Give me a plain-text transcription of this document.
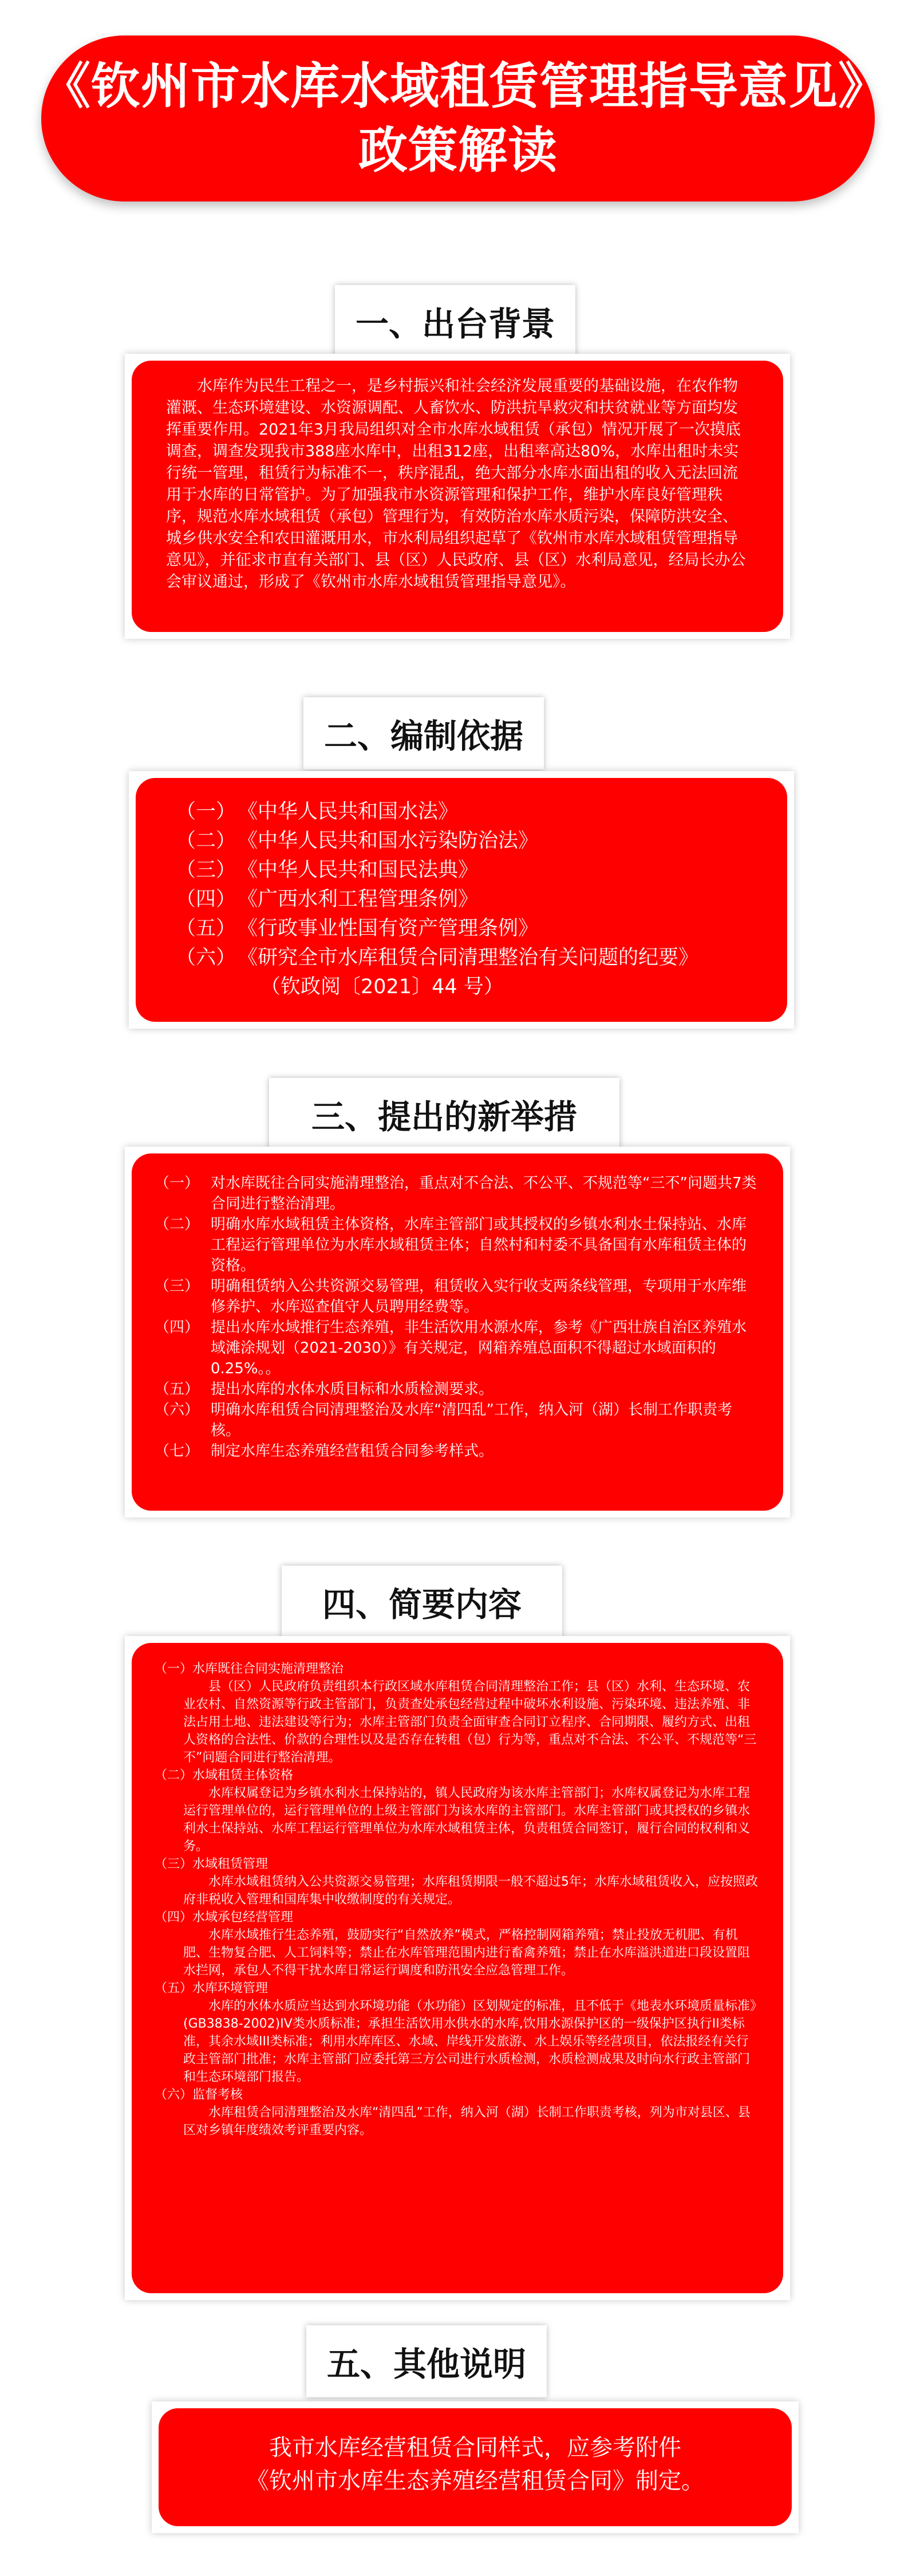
《钦州市水库水域租赁管理指导意见》
政策解读
一、出台背景

水库作为民生工程之一，是乡村振兴和社会经济发展重要的基础设施，在农作物灌溉、生态环境建设、水资源调配、人畜饮水、防洪抗旱救灾和扶贫就业等方面均发挥重要作用。2021年3月我局组织对全市水库水域租赁（承包）情况开展了一次摸底调查，调查发现我市388座水库中，出租312座，出租率高达80%，水库出租时未实行统一管理，租赁行为标准不一，秩序混乱，绝大部分水库水面出租的收入无法回流用于水库的日常管护。为了加强我市水资源管理和保护工作，维护水库良好管理秩序，规范水库水域租赁（承包）管理行为，有效防治水库水质污染，保障防洪安全、城乡供水安全和农田灌溉用水，市水利局组织起草了《钦州市水库水域租赁管理指导意见》，并征求市直有关部门、县（区）人民政府、县（区）水利局意见，经局长办公会审议通过，形成了《钦州市水库水域租赁管理指导意见》。

二、编制依据

（一）《中华人民共和国水法》

（二）《中华人民共和国水污染防治法》

（三）《中华人民共和国民法典》

（四）《广西水利工程管理条例》

（五）《行政事业性国有资产管理条例》

（六）《研究全市水库租赁合同清理整治有关问题的纪要》

（钦政阅〔2021〕44 号）

三、提出的新举措
（一） 对水库既往合同实施清理整治，重点对不合法、不公平、不规范等“三不”问题共7类合同进行整治清理。
（二） 明确水库水域租赁主体资格，水库主管部门或其授权的乡镇水利水土保持站、水库工程运行管理单位为水库水域租赁主体；自然村和村委不具备国有水库租赁主体的资格。
（三） 明确租赁纳入公共资源交易管理，租赁收入实行收支两条线管理，专项用于水库维修养护、水库巡查值守人员聘用经费等。
（四） 提出水库水域推行生态养殖，非生活饮用水源水库，参考《广西壮族自治区养殖水域滩涂规划（2021-2030）》有关规定，网箱养殖总面积不得超过水域面积的0.25%。。
（五） 提出水库的水体水质目标和水质检测要求。
（六） 明确水库租赁合同清理整治及水库“清四乱”工作，纳入河（湖）长制工作职责考核。
（七） 制定水库生态养殖经营租赁合同参考样式。
四、简要内容

（一）水库既往合同实施清理整治

县（区）人民政府负责组织本行政区域水库租赁合同清理整治工作；县（区）水利、生态环境、农业农村、自然资源等行政主管部门，负责查处承包经营过程中破坏水利设施、污染环境、违法养殖、非法占用土地、违法建设等行为；水库主管部门负责全面审查合同订立程序、合同期限、履约方式、出租人资格的合法性、价款的合理性以及是否存在转租（包）行为等，重点对不合法、不公平、不规范等“三不”问题合同进行整治清理。

（二）水域租赁主体资格

水库权属登记为乡镇水利水土保持站的，镇人民政府为该水库主管部门；水库权属登记为水库工程运行管理单位的，运行管理单位的上级主管部门为该水库的主管部门。水库主管部门或其授权的乡镇水利水土保持站、水库工程运行管理单位为水库水域租赁主体，负责租赁合同签订，履行合同的权利和义务。

（三）水域租赁管理

水库水域租赁纳入公共资源交易管理；水库租赁期限一般不超过5年；水库水域租赁收入，应按照政府非税收入管理和国库集中收缴制度的有关规定。

（四）水域承包经营管理

水库水域推行生态养殖，鼓励实行“自然放养”模式，严格控制网箱养殖；禁止投放无机肥、有机肥、生物复合肥、人工饲料等；禁止在水库管理范围内进行畜禽养殖；禁止在水库溢洪道进口段设置阻水拦网，承包人不得干扰水库日常运行调度和防汛安全应急管理工作。

（五）水库环境管理

水库的水体水质应当达到水环境功能（水功能）区划规定的标准，且不低于《地表水环境质量标准》(GB3838-2002)IV类水质标准；承担生活饮用水供水的水库,饮用水源保护区的一级保护区执行II类标准，其余水域III类标准；利用水库库区、水域、岸线开发旅游、水上娱乐等经营项目，依法报经有关行政主管部门批准；水库主管部门应委托第三方公司进行水质检测，水质检测成果及时向水行政主管部门和生态环境部门报告。

（六）监督考核

水库租赁合同清理整治及水库“清四乱”工作，纳入河（湖）长制工作职责考核，列为市对县区、县区对乡镇年度绩效考评重要内容。

五、其他说明

我市水库经营租赁合同样式，应参考附件

《钦州市水库生态养殖经营租赁合同》制定。
